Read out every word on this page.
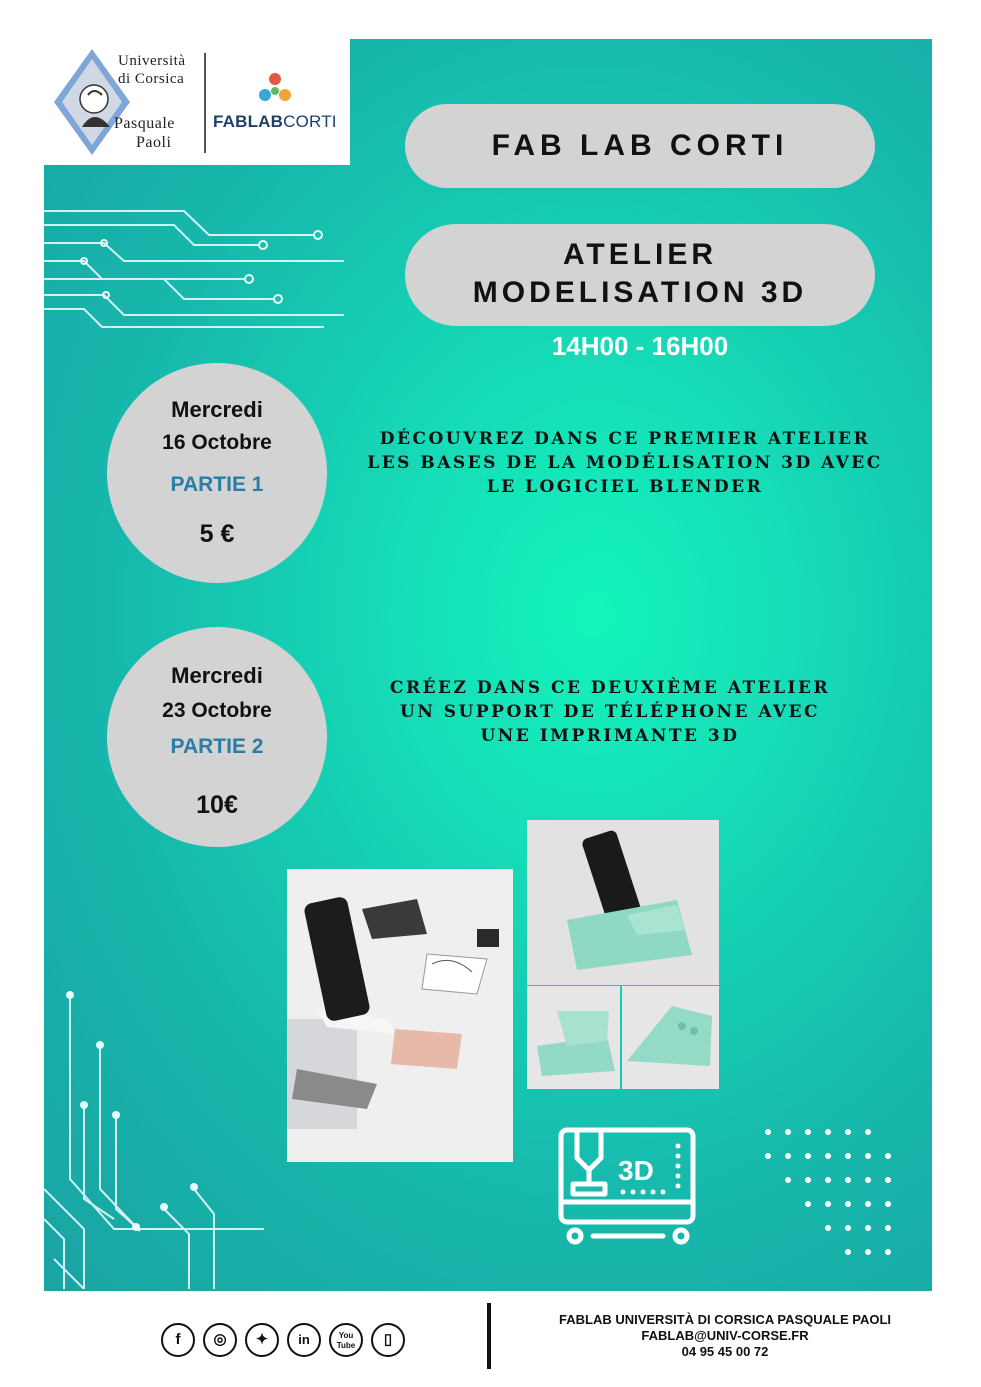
Università
di Corsica
Pasquale
Paoli
FABLABCORTI
FAB LAB CORTI
ATELIER
MODELISATION 3D
14H00 - 16H00
Mercredi
16 Octobre
PARTIE 1
5 €
DÉCOUVREZ DANS CE PREMIER ATELIER
LES BASES DE LA MODÉLISATION 3D AVEC
LE LOGICIEL BLENDER
Mercredi
23 Octobre
PARTIE 2
10€
CRÉEZ DANS CE DEUXIÈME ATELIER
UN SUPPORT DE TÉLÉPHONE AVEC
UNE IMPRIMANTE 3D
3D
f	◎	✦	in	You
Tube	▯
FABLAB UNIVERSITÀ DI CORSICA PASQUALE PAOLI
FABLAB@UNIV-CORSE.FR
04 95 45 00 72
